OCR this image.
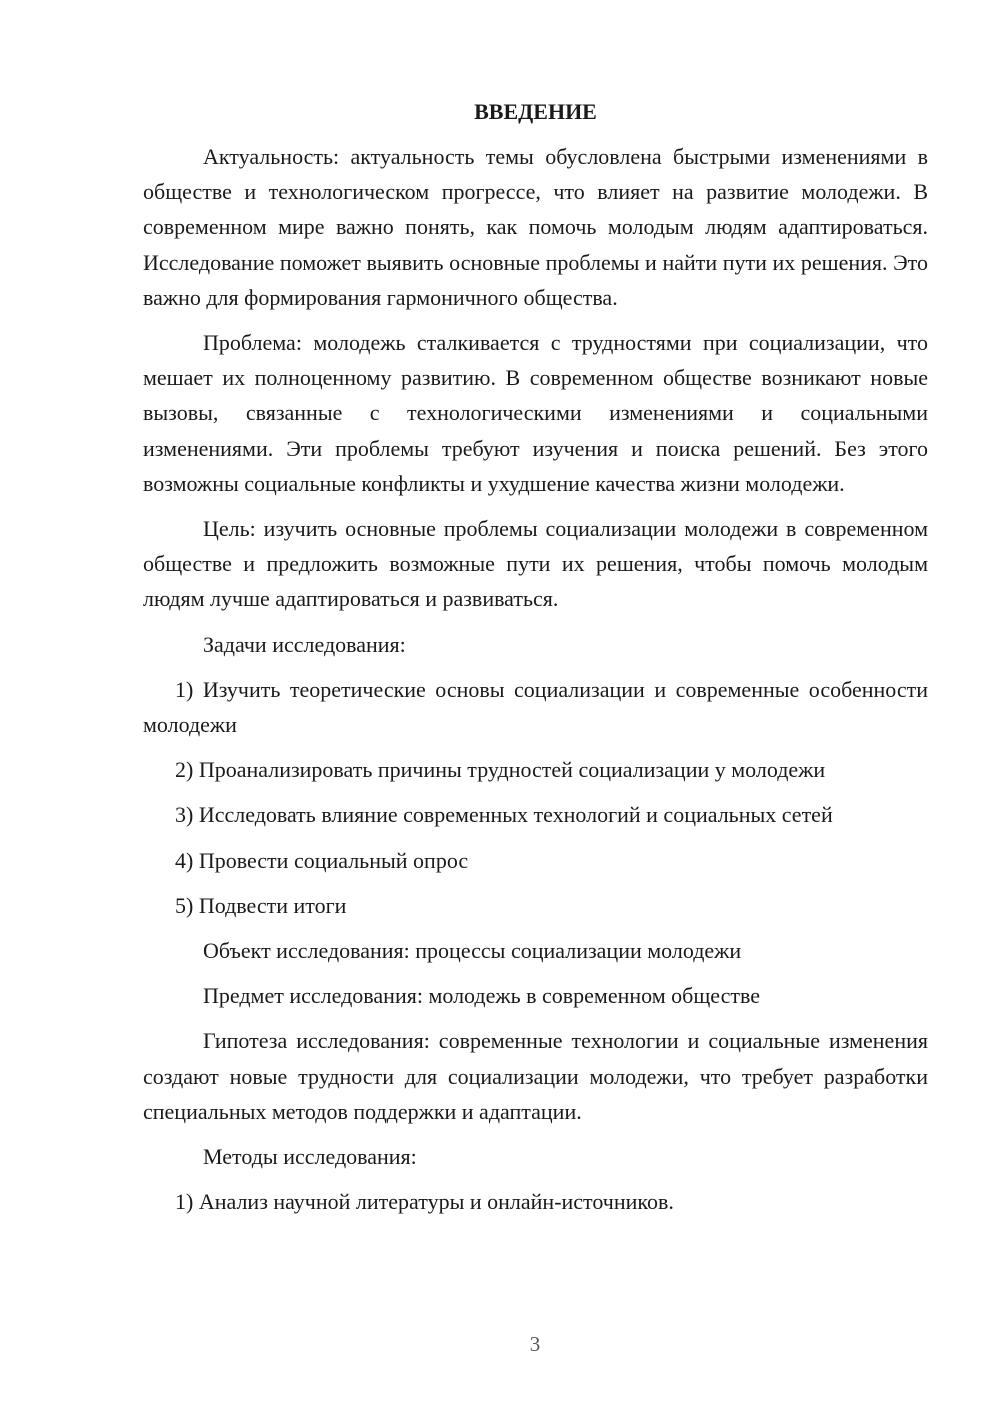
ВВЕДЕНИЕ

Актуальность: актуальность темы обусловлена быстрыми изменениями в обществе и технологическом прогрессе, что влияет на развитие молодежи. В современном мире важно понять, как помочь молодым людям адаптироваться. Исследование поможет выявить основные проблемы и найти пути их решения. Это важно для формирования гармоничного общества.

Проблема: молодежь сталкивается с трудностями при социализации, что мешает их полноценному развитию. В современном обществе возникают новые вызовы, связанные с технологическими изменениями и социальными изменениями. Эти проблемы требуют изучения и поиска решений. Без этого возможны социальные конфликты и ухудшение качества жизни молодежи.

Цель: изучить основные проблемы социализации молодежи в современном обществе и предложить возможные пути их решения, чтобы помочь молодым людям лучше адаптироваться и развиваться.

Задачи исследования:

1) Изучить теоретические основы социализации и современные особенности молодежи

2) Проанализировать причины трудностей социализации у молодежи

3) Исследовать влияние современных технологий и социальных сетей

4) Провести социальный опрос

5) Подвести итоги

Объект исследования: процессы социализации молодежи

Предмет исследования: молодежь в современном обществе

Гипотеза исследования: современные технологии и социальные изменения создают новые трудности для социализации молодежи, что требует разработки специальных методов поддержки и адаптации.

Методы исследования:

1) Анализ научной литературы и онлайн-источников.

3
